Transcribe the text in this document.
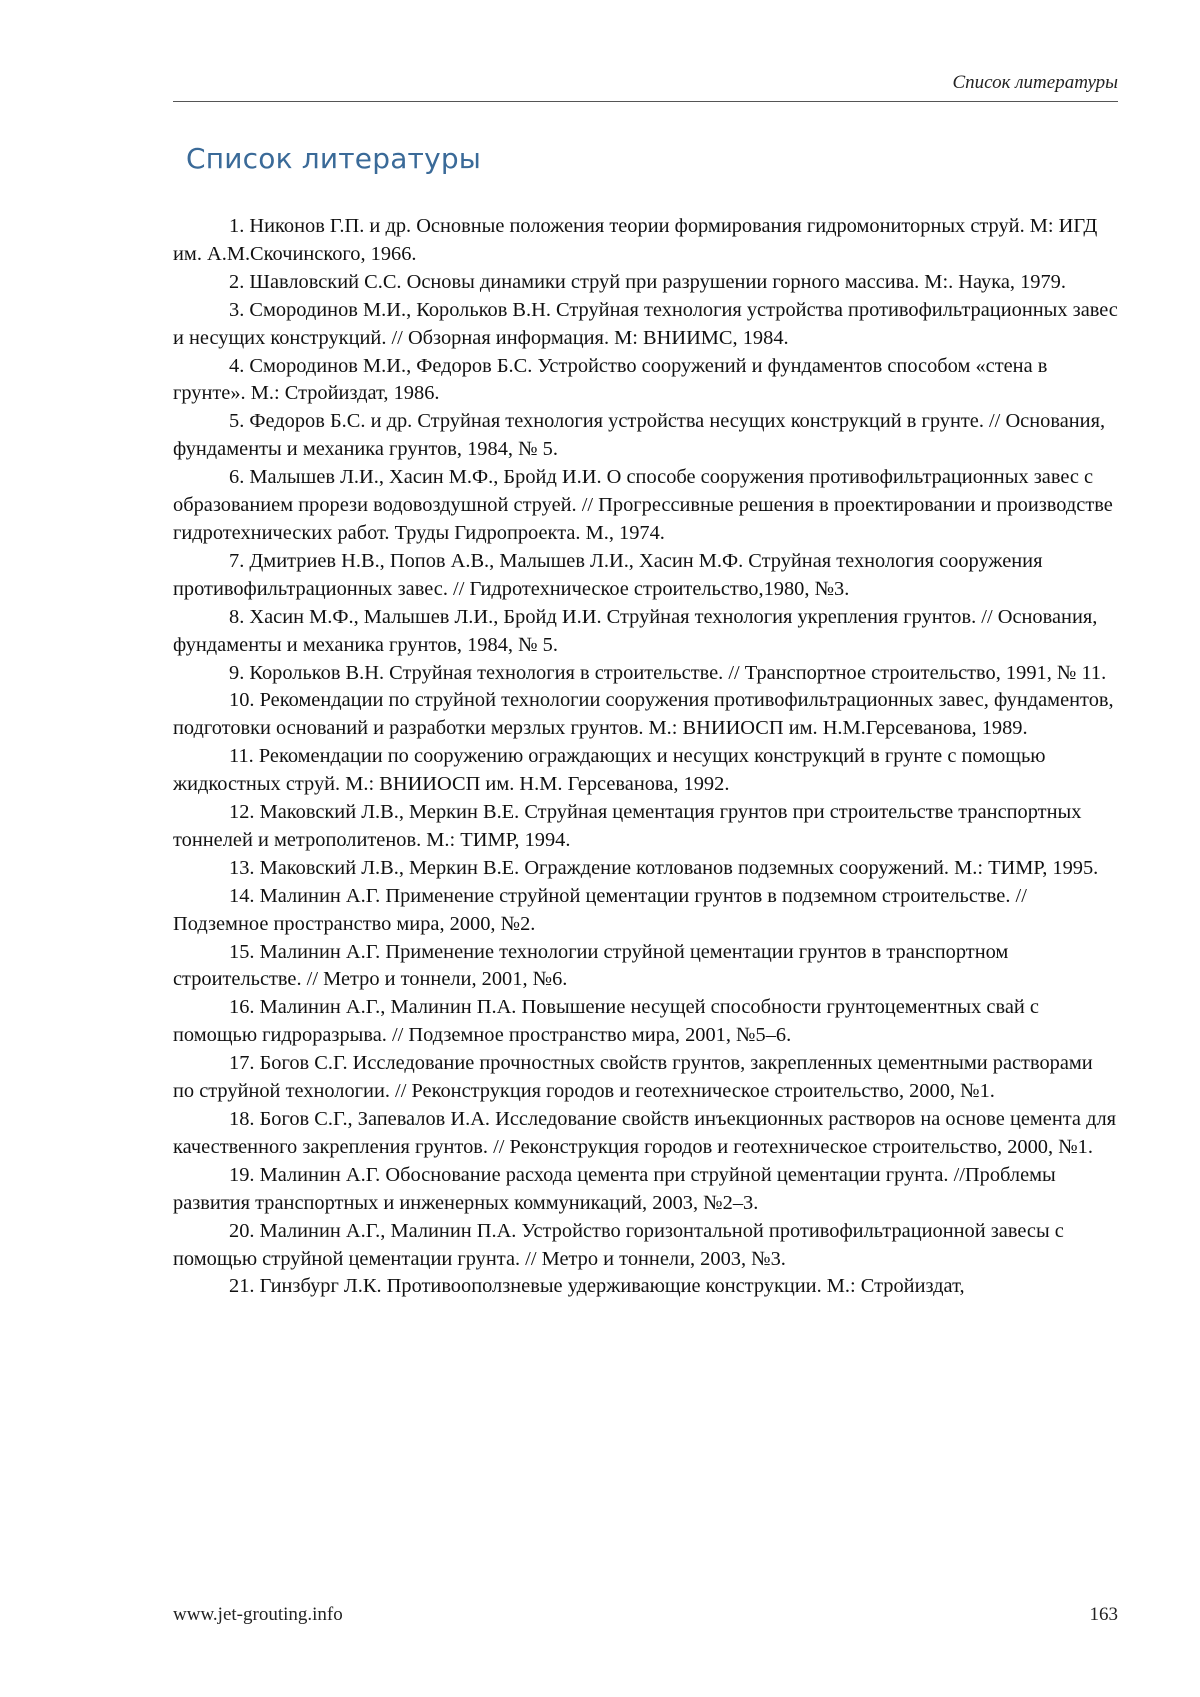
Список литературы
Список литературы
1. Никонов Г.П. и др. Основные положения теории формирования гидромониторных струй. М: ИГД им. А.М.Скочинского, 1966.
2. Шавловский С.С. Основы динамики струй при разрушении горного массива. М:. Наука, 1979.
3. Смородинов М.И., Корольков В.Н. Струйная технология устройства противофильтрационных завес и несущих конструкций. // Обзорная информация. М: ВНИИМС, 1984.
4. Смородинов М.И., Федоров Б.С. Устройство сооружений и фундаментов способом «стена в грунте». М.: Стройиздат, 1986.
5. Федоров Б.С. и др. Струйная технология устройства несущих конструкций в грунте. // Основания, фундаменты и механика грунтов, 1984, № 5.
6. Малышев Л.И., Хасин М.Ф., Бройд И.И. О способе сооружения противофильтрационных завес с образованием прорези водовоздушной струей. // Прогрессивные решения в проектировании и производстве гидротехнических работ. Труды Гидропроекта. М., 1974.
7. Дмитриев Н.В., Попов А.В., Малышев Л.И., Хасин М.Ф. Струйная технология сооружения противофильтрационных завес. // Гидротехническое строительство,1980, №3.
8. Хасин М.Ф., Малышев Л.И., Бройд И.И. Струйная технология укрепления грунтов. // Основания, фундаменты и механика грунтов, 1984, № 5.
9. Корольков В.Н. Струйная технология в строительстве. // Транспортное строительство, 1991, № 11.
10. Рекомендации по струйной технологии сооружения противофильтрационных завес, фундаментов, подготовки оснований и разработки мерзлых грунтов. М.: ВНИИОСП им. Н.М.Герсеванова, 1989.
11. Рекомендации по сооружению ограждающих и несущих конструкций в грунте с помощью жидкостных струй. М.: ВНИИОСП им. Н.М. Герсеванова, 1992.
12. Маковский Л.В., Меркин В.Е. Струйная цементация грунтов при строительстве транспортных тоннелей и метрополитенов. М.: ТИМР, 1994.
13. Маковский Л.В., Меркин В.Е. Ограждение котлованов подземных сооружений. М.: ТИМР, 1995.
14. Малинин А.Г. Применение струйной цементации грунтов в подземном строительстве. // Подземное пространство мира, 2000, №2.
15. Малинин А.Г. Применение технологии струйной цементации грунтов в транспортном строительстве. // Метро и тоннели, 2001, №6.
16. Малинин А.Г., Малинин П.А. Повышение несущей способности грунтоцементных свай с помощью гидроразрыва. // Подземное пространство мира, 2001, №5–6.
17. Богов С.Г. Исследование прочностных свойств грунтов, закрепленных цементными растворами по струйной технологии. // Реконструкция городов и геотехническое строительство, 2000, №1.
18. Богов С.Г., Запевалов И.А. Исследование свойств инъекционных растворов на основе цемента для качественного закрепления грунтов. // Реконструкция городов и геотехническое строительство, 2000, №1.
19. Малинин А.Г. Обоснование расхода цемента при струйной цементации грунта. //Проблемы развития транспортных и инженерных коммуникаций, 2003, №2–3.
20. Малинин А.Г., Малинин П.А. Устройство горизонтальной противофильтрационной завесы с помощью струйной цементации грунта. // Метро и тоннели, 2003, №3.
21. Гинзбург Л.К. Противооползневые удерживающие конструкции. М.: Стройиздат,
www.jet-grouting.info	163
